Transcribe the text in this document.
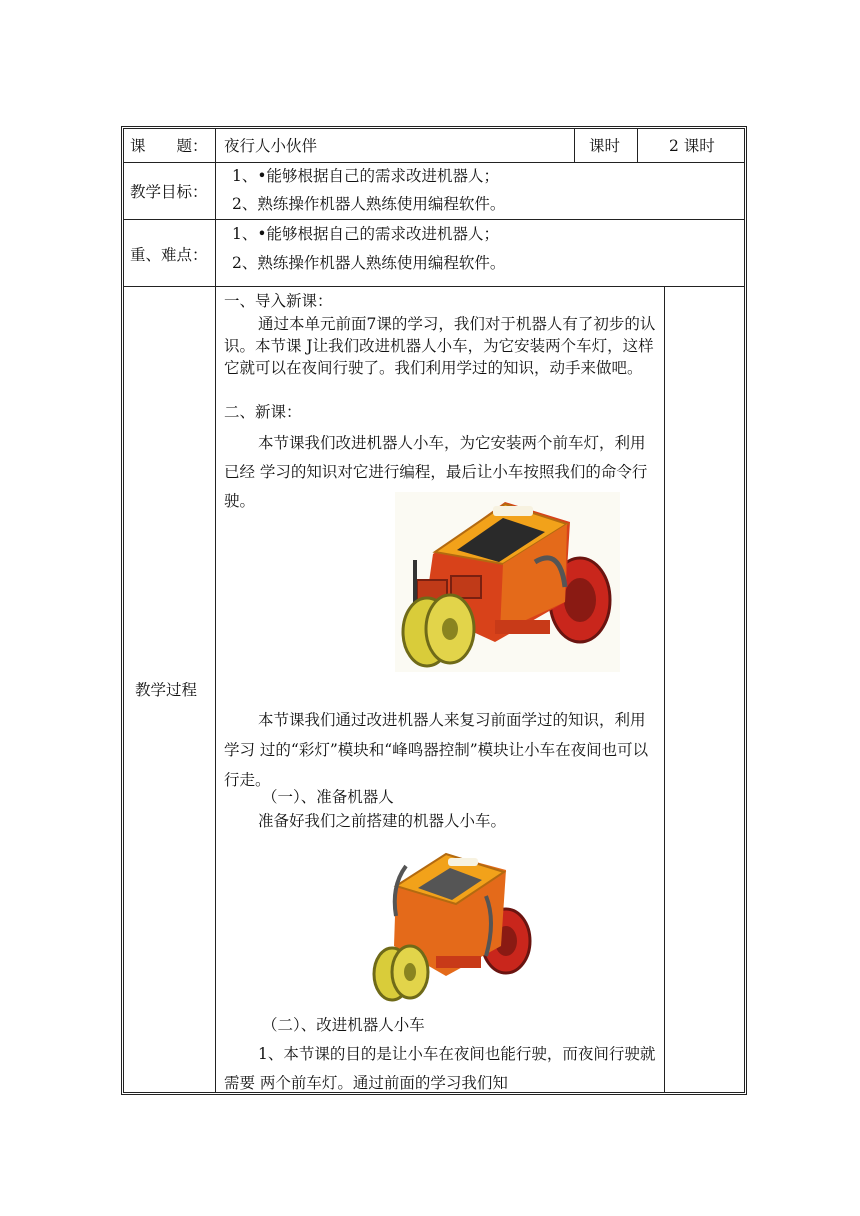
课　　题： 夜行人小伙伴	课时	2 课时
教学目标：
1、•能够根据自己的需求改进机器人；
2、熟练操作机器人熟练使用编程软件。
重、难点：
1、•能够根据自己的需求改进机器人；
2、熟练操作机器人熟练使用编程软件。
教学过程
一、导入新课：

通过本单元前面7课的学习，我们对于机器人有了初步的认识。本节课 J让我们改进机器人小车，为它安装两个车灯，这样它就可以在夜间行驶了。我们利用学过的知识，动手来做吧。

二、新课：

本节课我们改进机器人小车，为它安装两个前车灯，利用已经 学习的知识对它进行编程，最后让小车按照我们的命令行驶。

本节课我们通过改进机器人来复习前面学过的知识，利用学习 过的“彩灯”模块和“峰鸣器控制”模块让小车在夜间也可以行走。

（一）、准备机器人
准备好我们之前搭建的机器人小车。
（二）、改进机器人小车

1、本节课的目的是让小车在夜间也能行驶，而夜间行驶就需要 两个前车灯。通过前面的学习我们知
